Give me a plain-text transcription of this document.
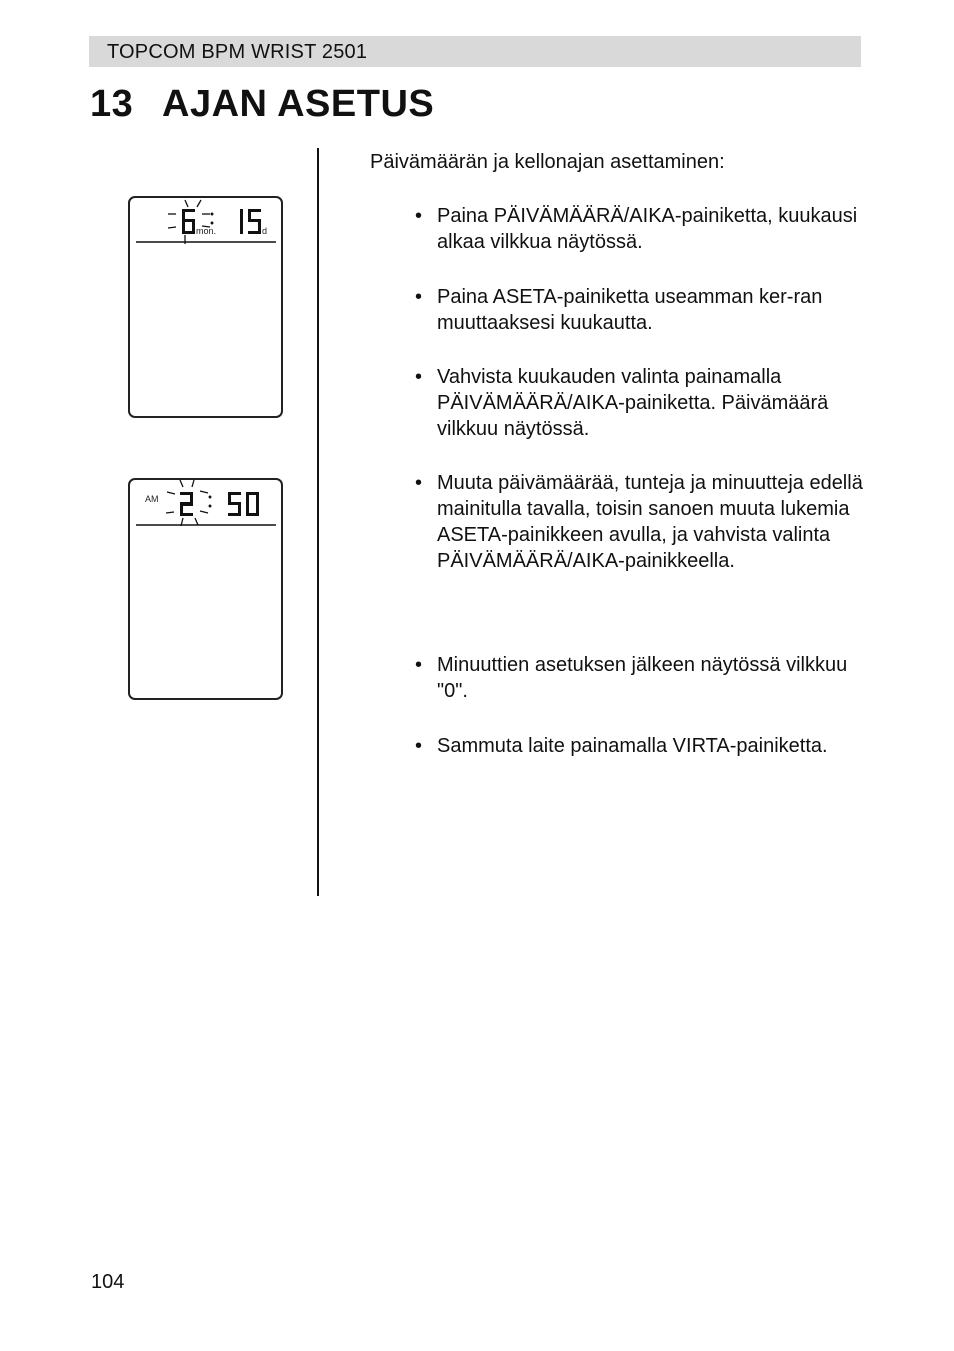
TOPCOM BPM WRIST 2501
13 AJAN ASETUS
mon.	d
AM

Päivämäärän ja kellonajan asettaminen:

• Paina PÄIVÄMÄÄRÄ/AIKA-painiketta, kuukausi alkaa vilkkua näytössä.
• Paina ASETA-painiketta useamman ker-ran muuttaaksesi kuukautta.
• Vahvista kuukauden valinta painamalla PÄIVÄMÄÄRÄ/AIKA-painiketta. Päivämäärä vilkkuu näytössä.
• Muuta päivämäärää, tunteja ja minuutteja edellä mainitulla tavalla, toisin sanoen muuta lukemia ASETA-painikkeen avulla, ja vahvista valinta PÄIVÄMÄÄRÄ/AIKA-painikkeella.
• Minuuttien asetuksen jälkeen näytössä vilkkuu "0".
• Sammuta laite painamalla VIRTA-painiketta.
104
